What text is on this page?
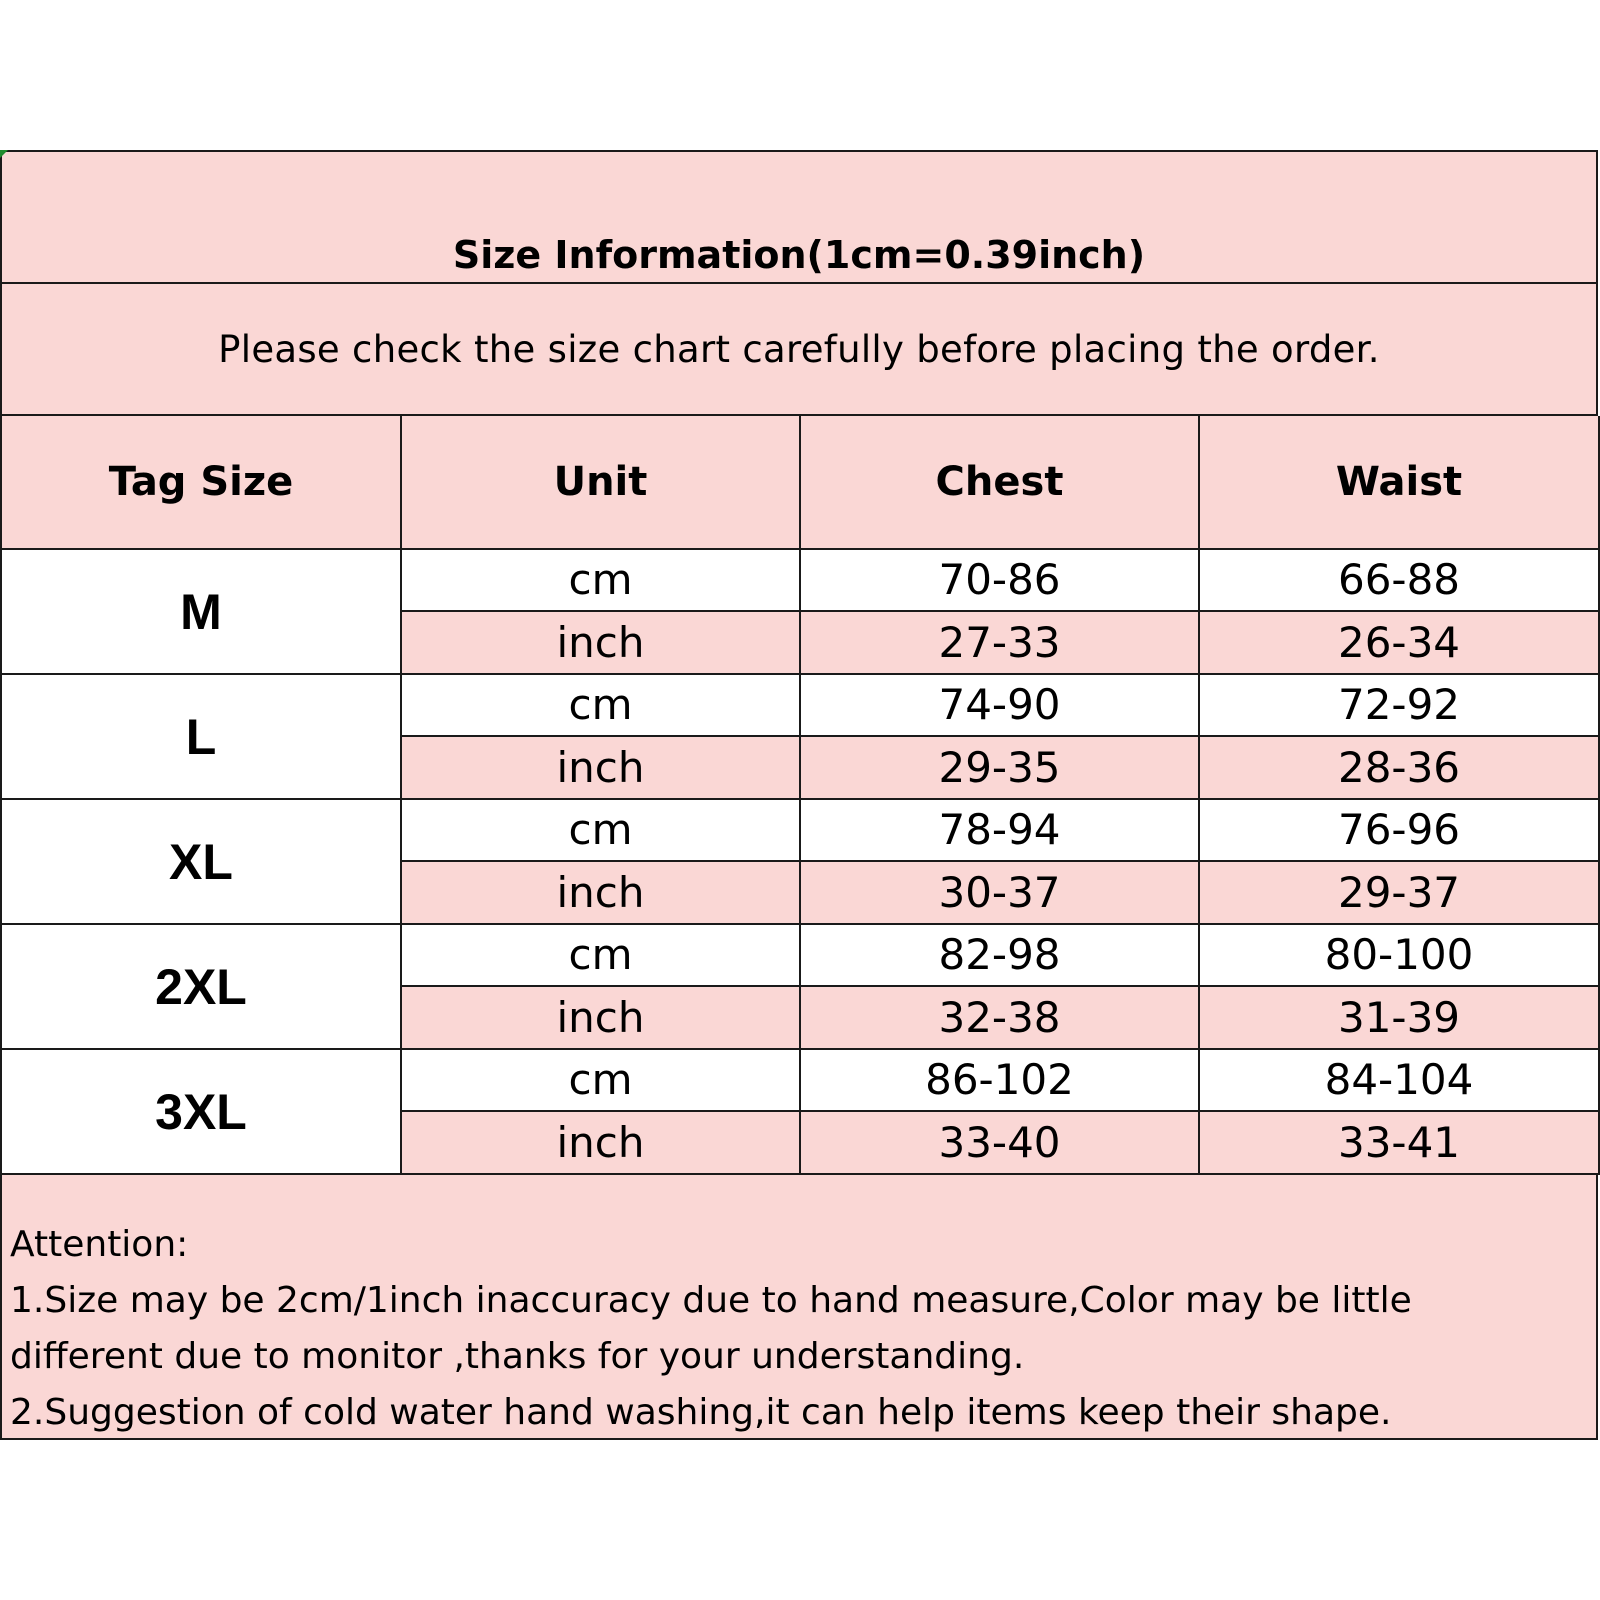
Size Information(1cm=0.39inch)
Please check the size chart carefully before placing the order.
Tag Size	Unit	Chest	Waist
M	cm	70-86	66-88
	inch	27-33	26-34
L	cm	74-90	72-92
	inch	29-35	28-36
XL	cm	78-94	76-96
	inch	30-37	29-37
2XL	cm	82-98	80-100
	inch	32-38	31-39
3XL	cm	86-102	84-104
	inch	33-40	33-41
Attention:
1.Size may be 2cm/1inch inaccuracy due to hand measure,Color may be little
different due to monitor ,thanks for your understanding.
2.Suggestion of cold water hand washing,it can help items keep their shape.
